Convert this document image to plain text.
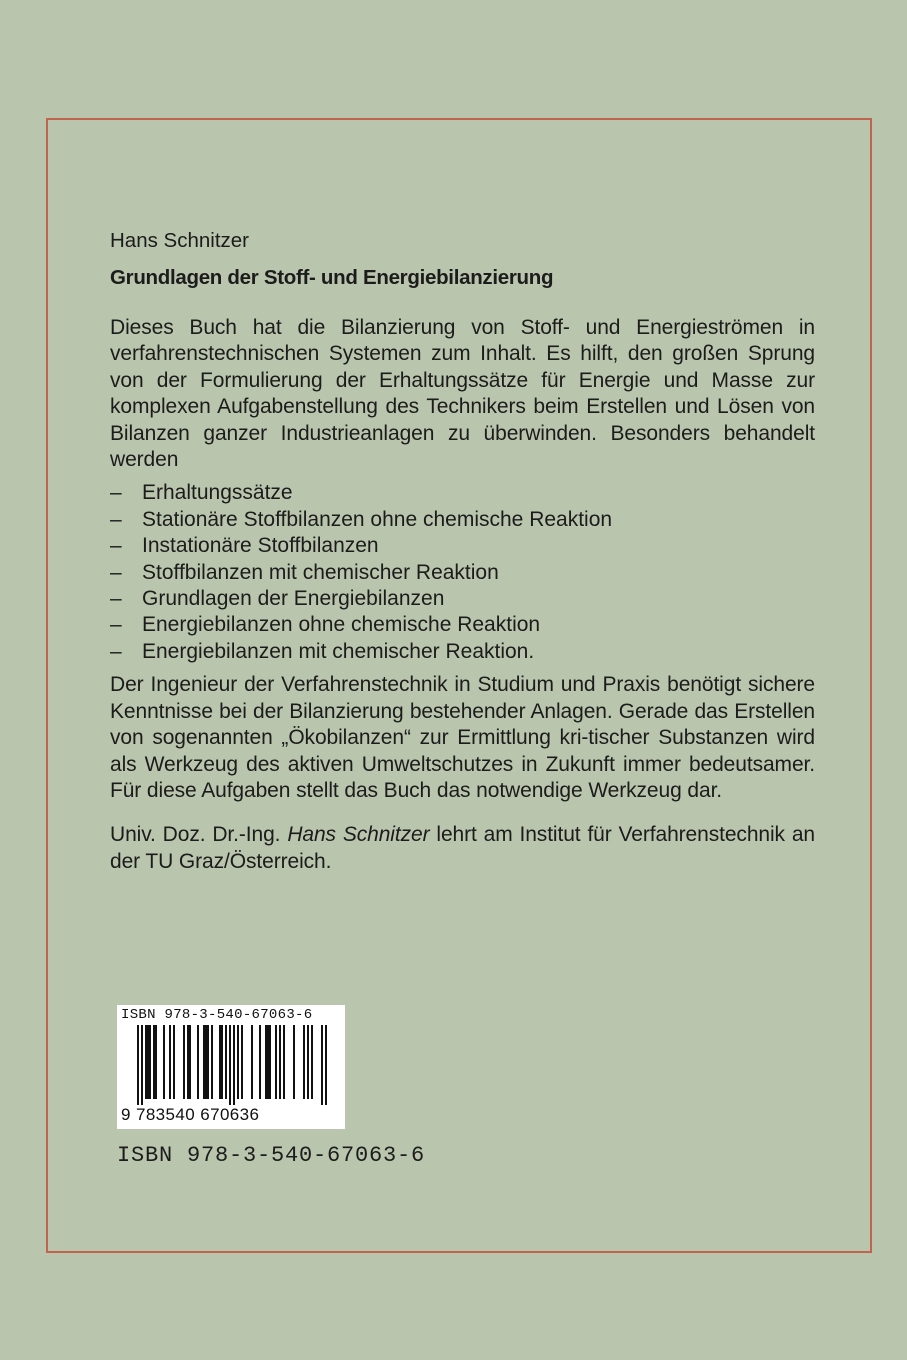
Hans Schnitzer

Grundlagen der Stoff- und Energiebilanzierung

Dieses Buch hat die Bilanzierung von Stoff- und Energieströmen in verfahrenstechnischen Systemen zum Inhalt. Es hilft, den großen Sprung von der Formulierung der Erhaltungssätze für Energie und Masse zur komplexen Aufgabenstellung des Technikers beim Erstellen und Lösen von Bilanzen ganzer Industrieanlagen zu überwinden. Besonders behandelt werden

– Erhaltungssätze
– Stationäre Stoffbilanzen ohne chemische Reaktion
– Instationäre Stoffbilanzen
– Stoffbilanzen mit chemischer Reaktion
– Grundlagen der Energiebilanzen
– Energiebilanzen ohne chemische Reaktion
– Energiebilanzen mit chemischer Reaktion.

Der Ingenieur der Verfahrenstechnik in Studium und Praxis benötigt sichere Kenntnisse bei der Bilanzierung bestehender Anlagen. Gerade das Erstellen von sogenannten „Ökobilanzen“ zur Ermittlung kri-tischer Substanzen wird als Werkzeug des aktiven Umweltschutzes in Zukunft immer bedeutsamer. Für diese Aufgaben stellt das Buch das notwendige Werkzeug dar.

Univ. Doz. Dr.-Ing. Hans Schnitzer lehrt am Institut für Verfahrenstechnik an der TU Graz/Österreich.

ISBN 978-3-540-67063-6
9 783540 670636
ISBN 978-3-540-67063-6
